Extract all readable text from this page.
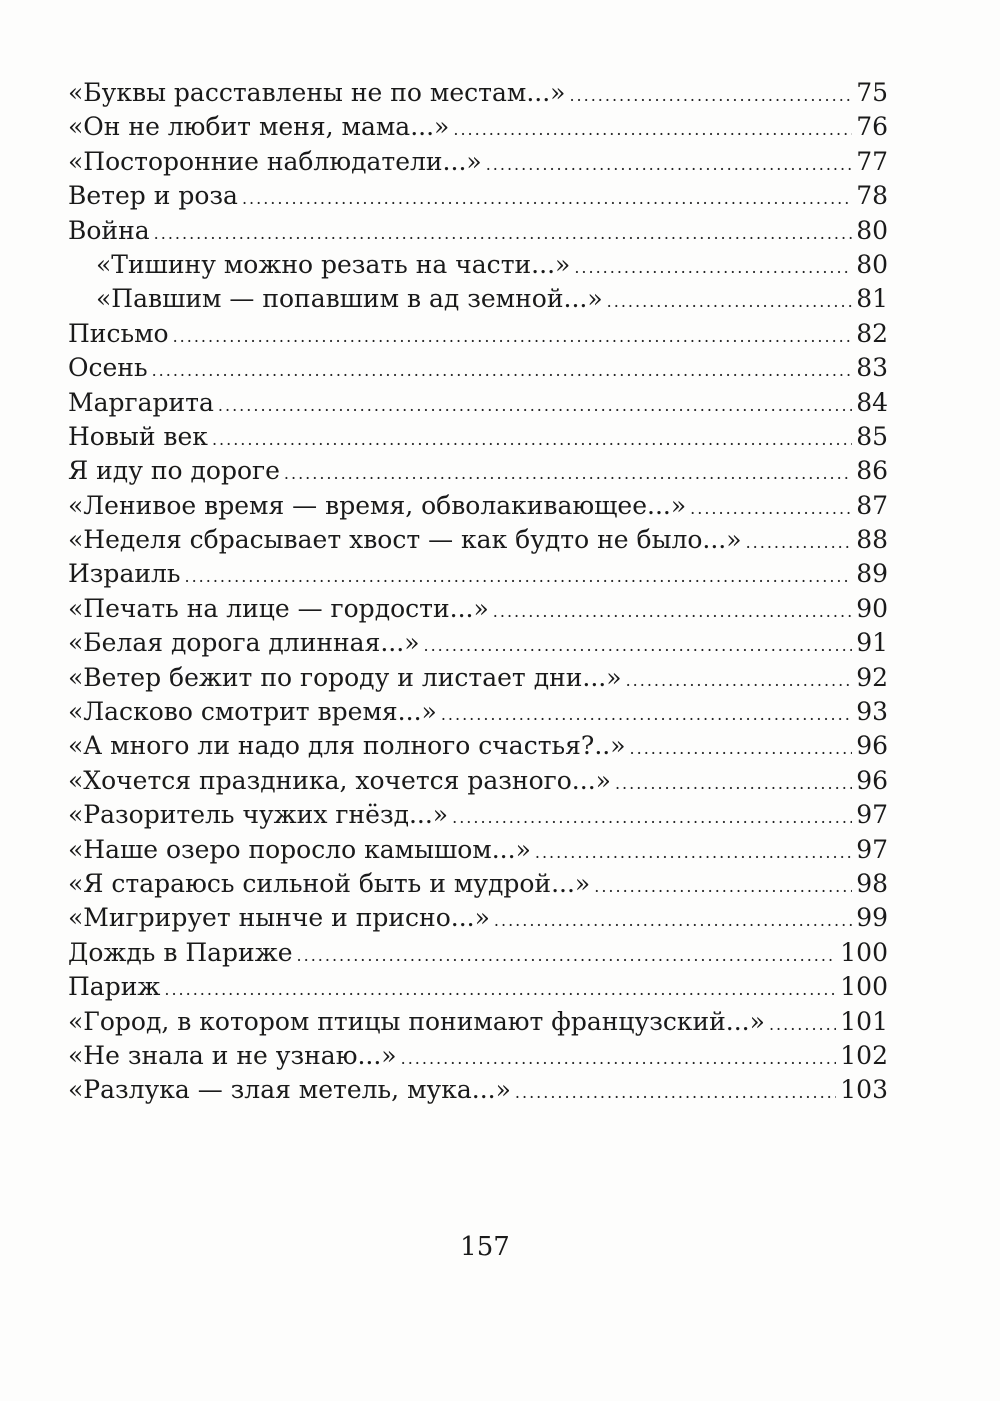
«Буквы расставлены не по местам...» .....	75
«Он не любит меня, мама...» .....	76
«Посторонние наблюдатели...» .....	77
Ветер и роза .....	78
Война .....	80
«Тишину можно резать на части...» .....	80
«Павшим — попавшим в ад земной...» .....	81
Письмо .....	82
Осень .....	83
Маргарита .....	84
Новый век .....	85
Я иду по дороге .....	86
«Ленивое время — время, обволакивающее...» .....	87
«Неделя сбрасывает хвост — как будто не было...» .....	88
Израиль .....	89
«Печать на лице — гордости...» .....	90
«Белая дорога длинная...» .....	91
«Ветер бежит по городу и листает дни...» .....	92
«Ласково смотрит время...» .....	93
«А много ли надо для полного счастья?..» .....	96
«Хочется праздника, хочется разного...» .....	96
«Разоритель чужих гнёзд...» .....	97
«Наше озеро поросло камышом...» .....	97
«Я стараюсь сильной быть и мудрой...» .....	98
«Мигрирует нынче и присно...» .....	99
Дождь в Париже .....	100
Париж .....	100
«Город, в котором птицы понимают французский...» .....	101
«Не знала и не узнаю...» .....	102
«Разлука — злая метель, мука...» .....	103
157
